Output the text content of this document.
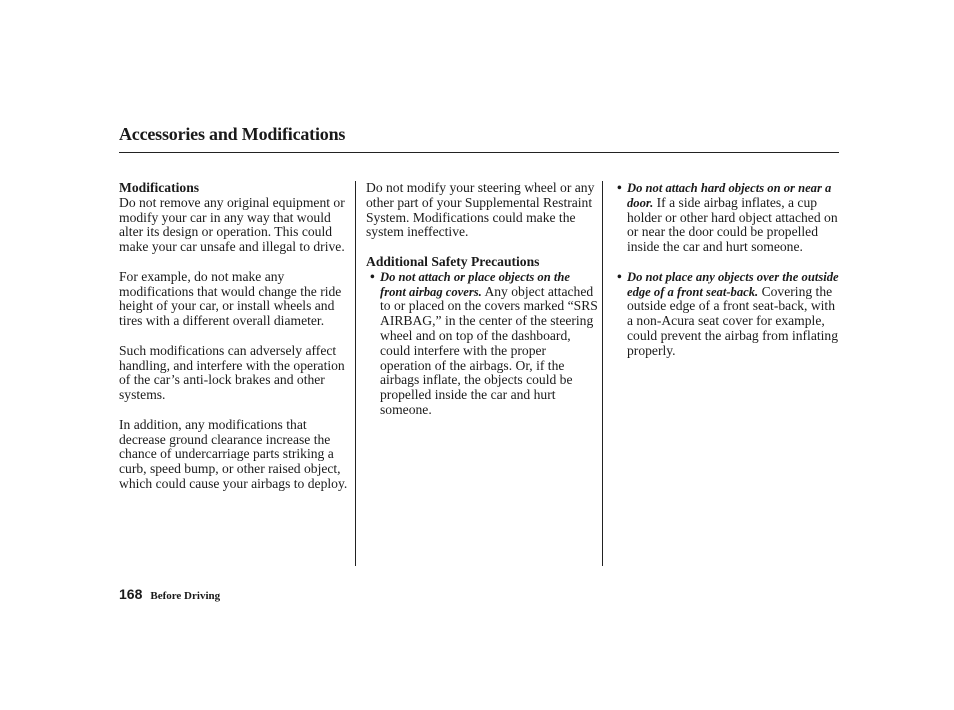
Accessories and Modifications

Modifications
Do not remove any original equipment or modify your car in any way that would alter its design or operation. This could make your car unsafe and illegal to drive.

For example, do not make any modifications that would change the ride height of your car, or install wheels and tires with a different overall diameter.

Such modifications can adversely affect handling, and interfere with the operation of the car’s anti-lock brakes and other systems.

In addition, any modifications that decrease ground clearance increase the chance of undercarriage parts striking a curb, speed bump, or other raised object, which could cause your airbags to deploy.

Do not modify your steering wheel or any other part of your Supplemental Restraint System. Modifications could make the system ineffective.

Additional Safety Precautions
• Do not attach or place objects on the front airbag covers. Any object attached to or placed on the covers marked “SRS AIRBAG,” in the center of the steering wheel and on top of the dashboard, could interfere with the proper operation of the airbags. Or, if the airbags inflate, the objects could be propelled inside the car and hurt someone.
• Do not attach hard objects on or near a door. If a side airbag inflates, a cup holder or other hard object attached on or near the door could be propelled inside the car and hurt someone.
• Do not place any objects over the outside edge of a front seat-back. Covering the outside edge of a front seat-back, with a non-Acura seat cover for example, could prevent the airbag from inflating properly.
168 Before Driving
